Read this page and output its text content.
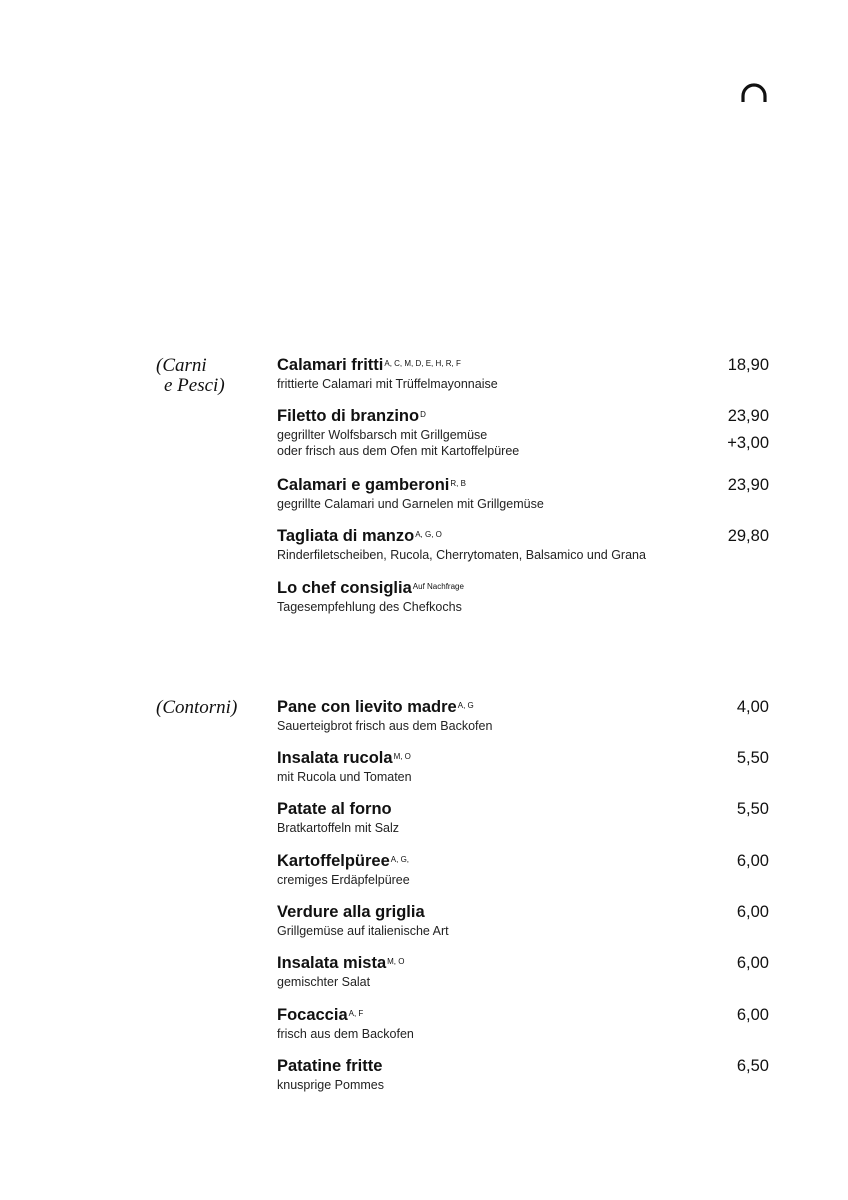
(Carni
e Pesci)
Calamari fritti$^{A, C, M, D, E, H, R, F}$
frittierte Calamari mit Trüffelmayonnaise
18,90
Filetto di branzino$^D$
gegrillter Wolfsbarsch mit Grillgemüse
oder frisch aus dem Ofen mit Kartoffelpüree
23,90
+3,00
Calamari e gamberoni$^{R, B}$
gegrillte Calamari und Garnelen mit Grillgemüse
23,90
Tagliata di manzo$^{A, G, O}$
Rinderfiletscheiben, Rucola, Cherrytomaten, Balsamico und Grana
29,80
Lo chef consiglia$^{Auf Nachfrage}$
Tagesempfehlung des Chefkochs
(Contorni)	Pane con lievito madre$^{A, G}$
Sauerteigbrot frisch aus dem Backofen
4,00
Insalata rucola$^{M, O}$
mit Rucola und Tomaten
5,50
Patate al forno
Bratkartoffeln mit Salz
5,50
Kartoffelpüree$^{A, G,}$
cremiges Erdäpfelpüree
6,00
Verdure alla griglia
Grillgemüse auf italienische Art
6,00
Insalata mista$^{M, O}$
gemischter Salat
6,00
Focaccia$^{A, F}$
frisch aus dem Backofen
6,00
Patatine fritte
knusprige Pommes
6,50
